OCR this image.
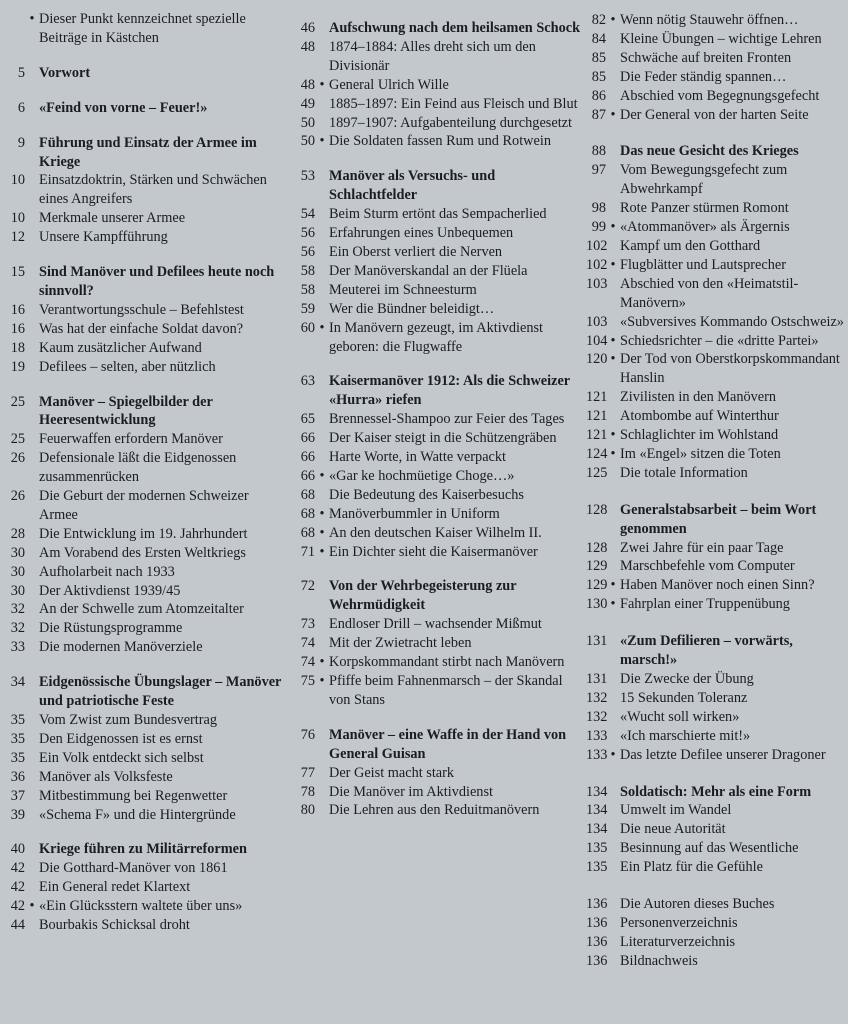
• Dieser Punkt kennzeichnet spezielle Beiträge in Kästchen
5 Vorwort
6 «Feind von vorne – Feuer!»
9 Führung und Einsatz der Armee im Kriege
10 Einsatzdoktrin, Stärken und Schwächen eines Angreifers
10 Merkmale unserer Armee
12 Unsere Kampfführung
15 Sind Manöver und Defilees heute noch sinnvoll?
16 Verantwortungsschule – Befehlstest
16 Was hat der einfache Soldat davon?
18 Kaum zusätzlicher Aufwand
19 Defilees – selten, aber nützlich
25 Manöver – Spiegelbilder der Heeresentwicklung
25 Feuerwaffen erfordern Manöver
26 Defensionale läßt die Eidgenossen zusammenrücken
26 Die Geburt der modernen Schweizer Armee
28 Die Entwicklung im 19. Jahrhundert
30 Am Vorabend des Ersten Weltkriegs
30 Aufholarbeit nach 1933
30 Der Aktivdienst 1939/45
32 An der Schwelle zum Atomzeitalter
32 Die Rüstungsprogramme
33 Die modernen Manöverziele
34 Eidgenössische Übungslager – Manöver und patriotische Feste
35 Vom Zwist zum Bundesvertrag
35 Den Eidgenossen ist es ernst
35 Ein Volk entdeckt sich selbst
36 Manöver als Volksfeste
37 Mitbestimmung bei Regenwetter
39 «Schema F» und die Hintergründe
40 Kriege führen zu Militärreformen
42 Die Gotthard-Manöver von 1861
42 Ein General redet Klartext
42 • «Ein Glücksstern waltete über uns»
44 Bourbakis Schicksal droht
46 Aufschwung nach dem heilsamen Schock
48 1874–1884: Alles dreht sich um den Divisionär
48 • General Ulrich Wille
49 1885–1897: Ein Feind aus Fleisch und Blut
50 1897–1907: Aufgabenteilung durchgesetzt
50 • Die Soldaten fassen Rum und Rotwein
53 Manöver als Versuchs- und Schlachtfelder
54 Beim Sturm ertönt das Sempacherlied
56 Erfahrungen eines Unbequemen
56 Ein Oberst verliert die Nerven
58 Der Manöverskandal an der Flüela
58 Meuterei im Schneesturm
59 Wer die Bündner beleidigt…
60 • In Manövern gezeugt, im Aktivdienst geboren: die Flugwaffe
63 Kaisermanöver 1912: Als die Schweizer «Hurra» riefen
65 Brennessel-Shampoo zur Feier des Tages
66 Der Kaiser steigt in die Schützengräben
66 Harte Worte, in Watte verpackt
66 • «Gar ke hochmüetige Choge…»
68 Die Bedeutung des Kaiserbesuchs
68 • Manöverbummler in Uniform
68 • An den deutschen Kaiser Wilhelm II.
71 • Ein Dichter sieht die Kaisermanöver
72 Von der Wehrbegeisterung zur Wehrmüdigkeit
73 Endloser Drill – wachsender Mißmut
74 Mit der Zwietracht leben
74 • Korpskommandant stirbt nach Manövern
75 • Pfiffe beim Fahnenmarsch – der Skandal von Stans
76 Manöver – eine Waffe in der Hand von General Guisan
77 Der Geist macht stark
78 Die Manöver im Aktivdienst
80 Die Lehren aus den Reduitmanövern
82 • Wenn nötig Stauwehr öffnen…
84 Kleine Übungen – wichtige Lehren
85 Schwäche auf breiten Fronten
85 Die Feder ständig spannen…
86 Abschied vom Begegnungsgefecht
87 • Der General von der harten Seite
88 Das neue Gesicht des Krieges
97 Vom Bewegungsgefecht zum Abwehrkampf
98 Rote Panzer stürmen Romont
99 • «Atommanöver» als Ärgernis
102 Kampf um den Gotthard
102 • Flugblätter und Lautsprecher
103 Abschied von den «Heimatstil-Manövern»
103 «Subversives Kommando Ostschweiz»
104 • Schiedsrichter – die «dritte Partei»
120 • Der Tod von Oberstkorpskommandant Hanslin
121 Zivilisten in den Manövern
121 Atombombe auf Winterthur
121 • Schlaglichter im Wohlstand
124 • Im «Engel» sitzen die Toten
125 Die totale Information
128 Generalstabsarbeit – beim Wort genommen
128 Zwei Jahre für ein paar Tage
129 Marschbefehle vom Computer
129 • Haben Manöver noch einen Sinn?
130 • Fahrplan einer Truppenübung
131 «Zum Defilieren – vorwärts, marsch!»
131 Die Zwecke der Übung
132 15 Sekunden Toleranz
132 «Wucht soll wirken»
133 «Ich marschierte mit!»
133 • Das letzte Defilee unserer Dragoner
134 Soldatisch: Mehr als eine Form
134 Umwelt im Wandel
134 Die neue Autorität
135 Besinnung auf das Wesentliche
135 Ein Platz für die Gefühle
136 Die Autoren dieses Buches
136 Personenverzeichnis
136 Literaturverzeichnis
136 Bildnachweis
